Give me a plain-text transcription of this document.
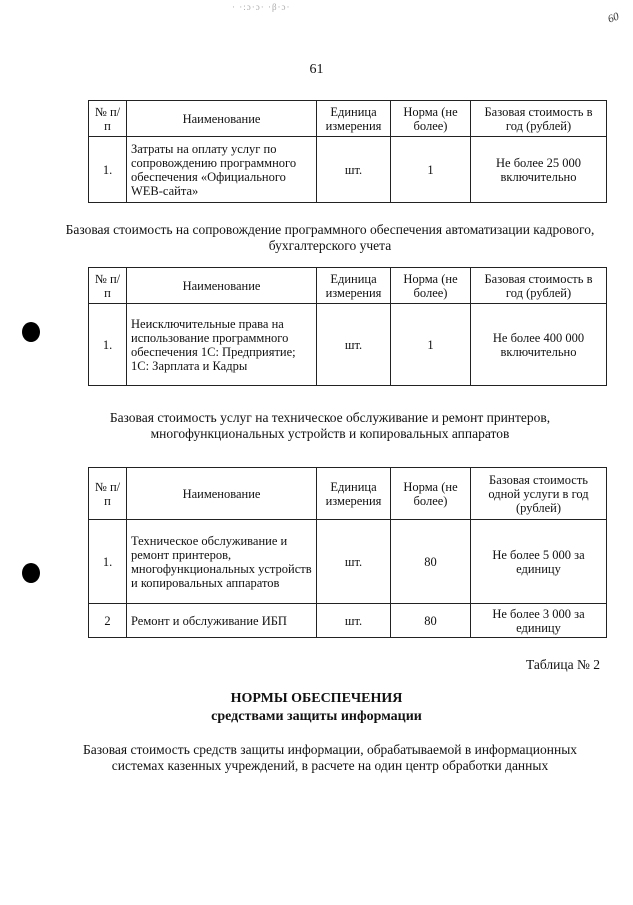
· ·:ɔ·ɔ· ·β·ɔ·
60
61
№ п/п	Наименование	Единица измерения	Норма (не более)	Базовая стоимость в год (рублей)
1.	Затраты на оплату услуг по сопровождению программного обеспечения «Официального WEB-сайта»	шт.	1	Не более 25 000 включительно
Базовая стоимость на сопровождение программного обеспечения автоматизации кадрового, бухгалтерского учета
№ п/п	Наименование	Единица измерения	Норма (не более)	Базовая стоимость в год (рублей)
1.	Неисключительные права на использование программного обеспечения 1С: Предприятие; 1С: Зарплата и Кадры	шт.	1	Не более 400 000 включительно
Базовая стоимость услуг на техническое обслуживание и ремонт принтеров, многофункциональных устройств и копировальных аппаратов
№ п/п	Наименование	Единица измерения	Норма (не более)	Базовая стоимость одной услуги в год (рублей)
1.	Техническое обслуживание и ремонт принтеров, многофункциональных устройств и копировальных аппаратов	шт.	80	Не более 5 000 за единицу
2	Ремонт и обслуживание ИБП	шт.	80	Не более 3 000 за единицу
Таблица № 2
НОРМЫ ОБЕСПЕЧЕНИЯ
средствами защиты информации
Базовая стоимость средств защиты информации, обрабатываемой в информационных системах казенных учреждений, в расчете на один центр обработки данных
